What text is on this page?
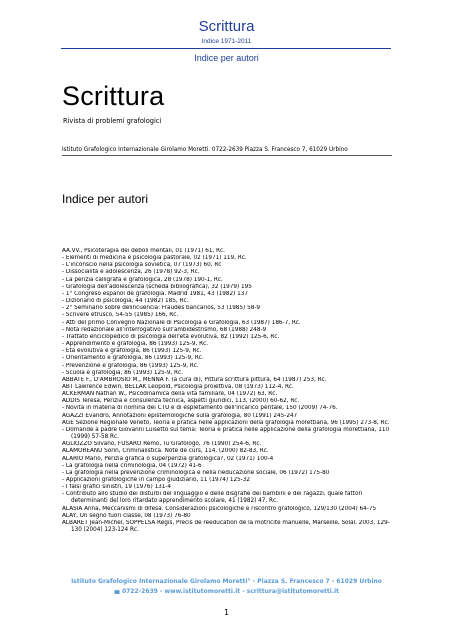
Scrittura
Indice 1971-2011
Indice per autori
Scrittura
Rivista di problemi grafologici
Istituto Grafologico Internazionale Girolamo Moretti. 0722-2639 Piazza S. Francesco 7, 61029 Urbino
Indice per autori
AA.VV., Psicoterapia dei deboli mentali, 01 (1971) 61, Rc.
- Elementi di medicina e psicologia pastorale, 02 (1971) 119, Rc.
- L'inconscio nella psicologia sovietica, 07 (1973) 60, Rc
- Dissocialità e adolescenza, 26 (1978) 92-3, Rc.
- La perizia calligrafa e grafologica, 28 (1978) 190-1, Rc.
- Grafologia dell'adolescenza (scheda bibliografica), 32 (1979) 195
- 1° Congreso español de grafología. Madrid 1981, 43 (1982) 137
- Dizionario di psicologia, 44 (1982) 185, Rc.
- 2° Seminario sobre delincuencia: Fraudes bancarios, 53 (1985) 58-9
- Scrivere etrusco, 54-55 (1985) 166, Rc.
- Atti del primo Convegno Nazionale di Psicologia e Grafologia, 63 (1987) 186-7, Rc.
- Nota redazionale all'interrogativo sull'ambidestrismo, 68 (1988) 248-9
- Trattato enciclopedico di psicologia dell'età evolutiva, 82 (1992) 125-6, Rc.
- Apprendimento e grafologia, 86 (1993) 125-9, Rc.
- Età evolutiva e grafologia, 86 (1993) 125-9, Rc.
- Orientamento e grafologia, 86 (1993) 125-9, Rc.
- Prevenzione e grafologia, 86 (1993) 125-9, Rc.
- Scuola e grafologia, 86 (1993) 125-9, Rc.
ABBATE F., D'AMBROSIO M., MENNA F. (a cura di), Pittura scrittura pittura, 64 (1987) 253, Rc.
ABT Lawrence Edwin, BELLAK Leopold, Psicologia proiettiva, 08 (1973) 112-4, Rc.
ACKERMAN Nathan W., Psicodinamica della vita familiare, 04 (1972) 63, Rc.
ADDIS Teresa, Perizia e consulenza tecnica, aspetti giuridici, 113, (2000) 60-62, Rc.
- Novità in materia di nomina dei CTU e di espletamento dell'incarico peritale, 150 (2009) 74-76.
AGAZZI Evandro, Annotazioni epistemologiche sulla grafologia, 80 (1991) 245-247
AGE Sezione Regionale Veneto, Teoria e pratica nelle applicazioni della grafologia morettiana, 96 (1995) 273-8, Rc.
- Domande a padre Giovanni Luisetto sul tema: Teoria e pratica nelle applicazione della grafologia morettiana, 110 (1999) 57-58 Rc.
AGLIOZZO Silvano, FUSARO Remo, Tu Grafologo, 76 (1990) 254-6, Rc.
ALÂMOREANU Sorin, Criminalistica. Note de curs, 114, (2000) 82-83, Rc.
ALARIO Mario, Perizia grafica o superperizia grafologica?, 02 (1971) 100-4
- La grafologia nella criminologia, 04 (1972) 41-6
- La grafologia nella prevenzione criminologica e nella rieducazione sociale, 06 (1972) 175-80
- Applicazioni grafologiche in campo giudiziario, 11 (1974) 125-32
- I falsi grafici sinistri, 19 (1976) 131-4
- Contributo allo studio dei disturbi del linguaggio e delle disgrafie dei bambini e dei ragazzi, quale fattori determinanti del loro ritardato apprendimento scolare, 41 (1982) 47, Rc.
ALASIA Anna, Meccanismi di difesa. Considerazioni psicologiche e riscontro grafologico, 129/130 (2004) 64-75
ALAY, Un segno fuori classe, 08 (1973) 76-80
ALBARET Jean-Michel, SOPPELSA Régis, Précis de rééducation de la motricité manuelle, Marseille, Solal, 2003, 129-130 (2004) 123-124 Rc.
Istituto Grafologico Internazionale Girolamo Moretti" - Piazza S. Francesco 7 - 61029 Urbino
0722-2639 - www.istitutomoretti.it - scrittura@istitutomoretti.it
1
